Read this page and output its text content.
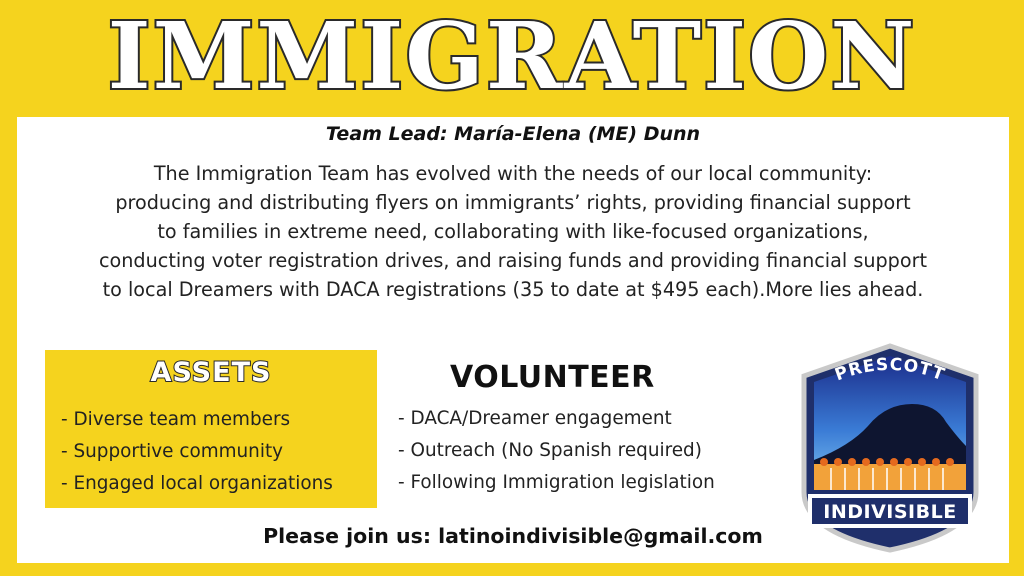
IMMIGRATION
Team Lead: María-Elena (ME) Dunn
The Immigration Team has evolved with the needs of our local community:
producing and distributing flyers on immigrants’ rights, providing financial support
to families in extreme need, collaborating with like-focused organizations,
conducting voter registration drives, and raising funds and providing financial support
to local Dreamers with DACA registrations (35 to date at $495 each).More lies ahead.
ASSETS
- Diverse team members
- Supportive community
- Engaged local organizations
VOLUNTEER
- DACA/Dreamer engagement
- Outreach (No Spanish required)
- Following Immigration legislation
Please join us: latinoindivisible@gmail.com
PRESCOTT
INDIVISIBLE
